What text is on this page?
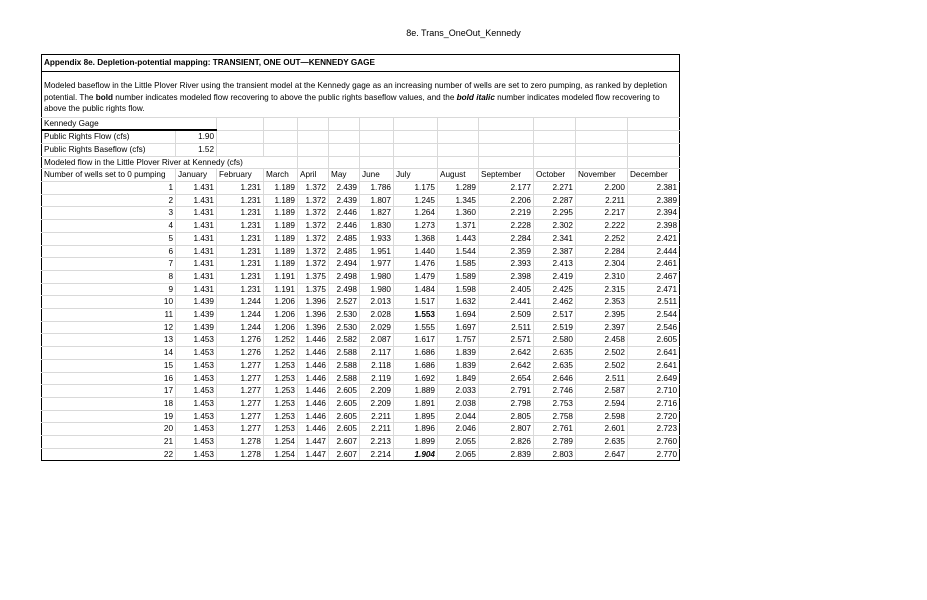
8e. Trans_OneOut_Kennedy
Appendix 8e. Depletion-potential mapping: TRANSIENT, ONE OUT—KENNEDY GAGE												
Modeled baseflow in the Little Plover River using the transient model at the Kennedy gage as an increasing number of wells are set to zero pumping, as ranked by depletion potential. The bold number indicates modeled flow recovering to above the public rights baseflow values, and the bold italic number indicates modeled flow recovering to above the public rights flow.												
Kennedy Gage												
Public Rights Flow (cfs)	1.90											
Public Rights Baseflow (cfs)	1.52											
Modeled flow in the Little Plover River at Kennedy (cfs)												
Number of wells set to 0 pumping	January	February	March	April	May	June	July	August	September	October	November	December
1	1.431	1.231	1.189	1.372	2.439	1.786	1.175	1.289	2.177	2.271	2.200	2.381
2	1.431	1.231	1.189	1.372	2.439	1.807	1.245	1.345	2.206	2.287	2.211	2.389
3	1.431	1.231	1.189	1.372	2.446	1.827	1.264	1.360	2.219	2.295	2.217	2.394
4	1.431	1.231	1.189	1.372	2.446	1.830	1.273	1.371	2.228	2.302	2.222	2.398
5	1.431	1.231	1.189	1.372	2.485	1.933	1.368	1.443	2.284	2.341	2.252	2.421
6	1.431	1.231	1.189	1.372	2.485	1.951	1.440	1.544	2.359	2.387	2.284	2.444
7	1.431	1.231	1.189	1.372	2.494	1.977	1.476	1.585	2.393	2.413	2.304	2.461
8	1.431	1.231	1.191	1.375	2.498	1.980	1.479	1.589	2.398	2.419	2.310	2.467
9	1.431	1.231	1.191	1.375	2.498	1.980	1.484	1.598	2.405	2.425	2.315	2.471
10	1.439	1.244	1.206	1.396	2.527	2.013	1.517	1.632	2.441	2.462	2.353	2.511
11	1.439	1.244	1.206	1.396	2.530	2.028	1.553	1.694	2.509	2.517	2.395	2.544
12	1.439	1.244	1.206	1.396	2.530	2.029	1.555	1.697	2.511	2.519	2.397	2.546
13	1.453	1.276	1.252	1.446	2.582	2.087	1.617	1.757	2.571	2.580	2.458	2.605
14	1.453	1.276	1.252	1.446	2.588	2.117	1.686	1.839	2.642	2.635	2.502	2.641
15	1.453	1.277	1.253	1.446	2.588	2.118	1.686	1.839	2.642	2.635	2.502	2.641
16	1.453	1.277	1.253	1.446	2.588	2.119	1.692	1.849	2.654	2.646	2.511	2.649
17	1.453	1.277	1.253	1.446	2.605	2.209	1.889	2.033	2.791	2.746	2.587	2.710
18	1.453	1.277	1.253	1.446	2.605	2.209	1.891	2.038	2.798	2.753	2.594	2.716
19	1.453	1.277	1.253	1.446	2.605	2.211	1.895	2.044	2.805	2.758	2.598	2.720
20	1.453	1.277	1.253	1.446	2.605	2.211	1.896	2.046	2.807	2.761	2.601	2.723
21	1.453	1.278	1.254	1.447	2.607	2.213	1.899	2.055	2.826	2.789	2.635	2.760
22	1.453	1.278	1.254	1.447	2.607	2.214	1.904	2.065	2.839	2.803	2.647	2.770
